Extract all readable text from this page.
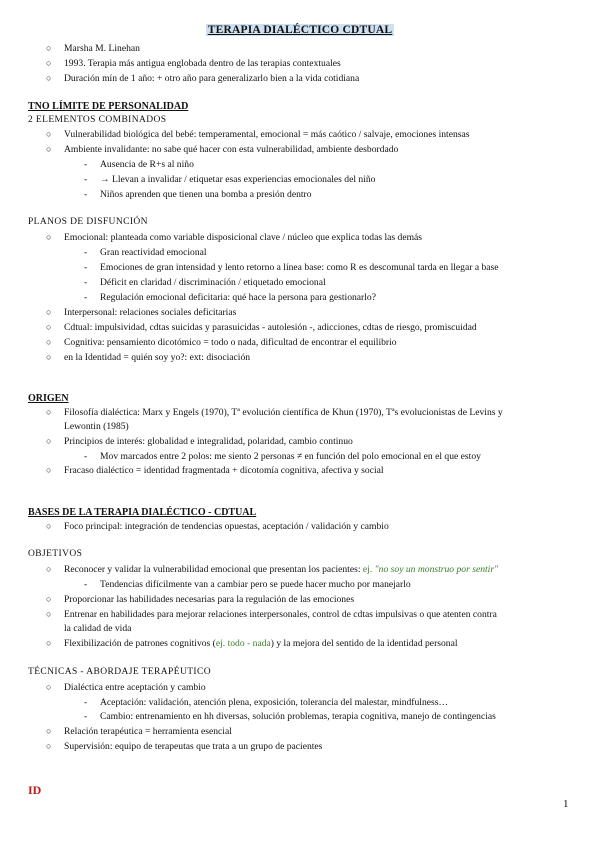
TERAPIA DIALÉCTICO CDTUAL
○ Marsha M. Linehan
○ 1993. Terapia más antigua englobada dentro de las terapias contextuales
○ Duración mín de 1 año: + otro año para generalizarlo bien a la vida cotidiana
TNO LÍMITE DE PERSONALIDAD
2 ELEMENTOS COMBINADOS
○ Vulnerabilidad biológica del bebé: temperamental, emocional = más caótico / salvaje, emociones intensas
○ Ambiente invalidante: no sabe qué hacer con esta vulnerabilidad, ambiente desbordado
- Ausencia de R+s al niño
- → Llevan a invalidar / etiquetar esas experiencias emocionales del niño
- Niños aprenden que tienen una bomba a presión dentro
PLANOS DE DISFUNCIÓN
○ Emocional: planteada como variable disposicional clave / núcleo que explica todas las demás
- Gran reactividad emocional
- Emociones de gran intensidad y lento retorno a línea base: como R es descomunal tarda en llegar a base
- Déficit en claridad / discriminación / etiquetado emocional
- Regulación emocional deficitaria: qué hace la persona para gestionarlo?
○ Interpersonal: relaciones sociales deficitarias
○ Cdtual: impulsividad, cdtas suicidas y parasuicidas - autolesión -, adicciones, cdtas de riesgo, promiscuidad
○ Cognitiva: pensamiento dicotómico = todo o nada, dificultad de encontrar el equilibrio
○ en la Identidad = quién soy yo?: ext: disociación
ORIGEN
○ Filosofía dialéctica: Marx y Engels (1970), Tª evolución científica de Khun (1970), Tªs evolucionistas de Levins y
Lewontin (1985)
○ Principios de interés: globalidad e integralidad, polaridad, cambio continuo
- Mov marcados entre 2 polos: me siento 2 personas ≠ en función del polo emocional en el que estoy
○ Fracaso dialéctico = identidad fragmentada + dicotomía cognitiva, afectiva y social
BASES DE LA TERAPIA DIALÉCTICO - CDTUAL
○ Foco principal: integración de tendencias opuestas, aceptación / validación y cambio
OBJETIVOS
○ Reconocer y validar la vulnerabilidad emocional que presentan los pacientes: ej. "no soy un monstruo por sentir"
- Tendencias difícilmente van a cambiar pero se puede hacer mucho por manejarlo
○ Proporcionar las habilidades necesarias para la regulación de las emociones
○ Entrenar en habilidades para mejorar relaciones interpersonales, control de cdtas impulsivas o que atenten contra
la calidad de vida
○ Flexibilización de patrones cognitivos (ej. todo - nada) y la mejora del sentido de la identidad personal
TÉCNICAS - ABORDAJE TERAPÉUTICO
○ Dialéctica entre aceptación y cambio
- Aceptación: validación, atención plena, exposición, tolerancia del malestar, mindfulness…
- Cambio: entrenamiento en hh diversas, solución problemas, terapia cognitiva, manejo de contingencias
○ Relación terapéutica = herramienta esencial
○ Supervisión: equipo de terapeutas que trata a un grupo de pacientes
ID
1
